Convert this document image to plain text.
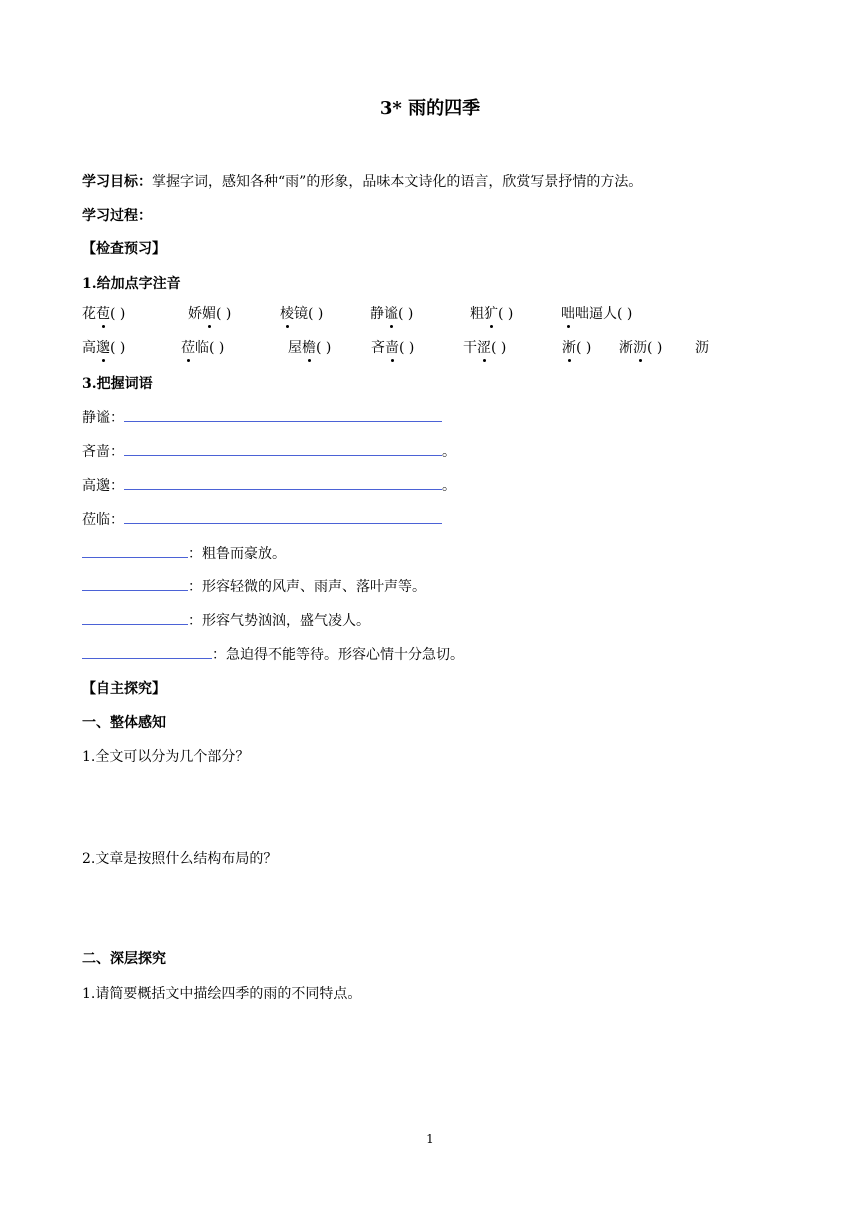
3* 雨的四季
学习目标：掌握字词，感知各种“雨”的形象，品味本文诗化的语言，欣赏写景抒情的方法。
学习过程：
【检查预习】
1.给加点字注音
花苞( )	娇媚( )	棱镜( )	静谧( )	粗犷( )	咄咄逼人( )
高邈( )	莅临( )	屋檐( )	吝啬( )	干涩( )	淅( ) 淅沥( ) 沥
3.把握词语
静谧：
吝啬：	。
高邈：	。
莅临：
：粗鲁而豪放。
：形容轻微的风声、雨声、落叶声等。
：形容气势汹汹，盛气凌人。
：急迫得不能等待。形容心情十分急切。
【自主探究】
一、整体感知
1.全文可以分为几个部分？
2.文章是按照什么结构布局的？
二、深层探究
1.请简要概括文中描绘四季的雨的不同特点。
1
